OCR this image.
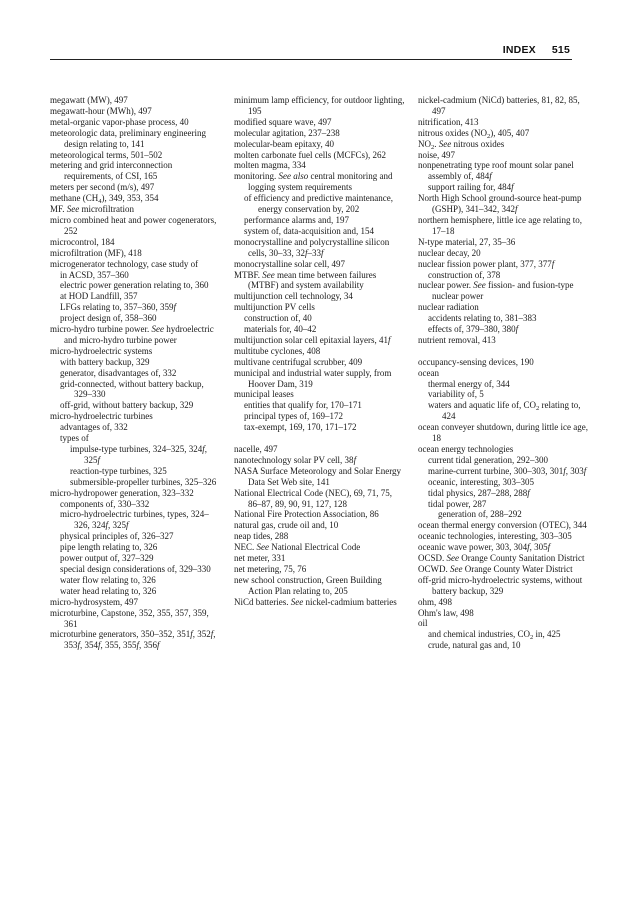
INDEX 515
megawatt (MW), 497
megawatt-hour (MWh), 497
metal-organic vapor-phase process, 40
meteorologic data, preliminary engineering design relating to, 141
meteorological terms, 501–502
metering and grid interconnection requirements, of CSI, 165
meters per second (m/s), 497
methane $(CH_4)$, 349, 353, 354
MF. See microfiltration
micro combined heat and power cogenerators, 252
microcontrol, 184
microfiltration (MF), 418
microgenerator technology, case study of
in ACSD, 357–360
electric power generation relating to, 360
at HOD Landfill, 357
LFGs relating to, 357–360, 359f
project design of, 358–360
micro-hydro turbine power. See hydroelectric and micro-hydro turbine power
micro-hydroelectric systems
with battery backup, 329
generator, disadvantages of, 332
grid-connected, without battery backup, 329–330
off-grid, without battery backup, 329
micro-hydroelectric turbines
advantages of, 332
types of
impulse-type turbines, 324–325, 324f, 325f
reaction-type turbines, 325
submersible-propeller turbines, 325–326
micro-hydropower generation, 323–332
components of, 330–332
micro-hydroelectric turbines, types, 324–326, 324f, 325f
physical principles of, 326–327
pipe length relating to, 326
power output of, 327–329
special design considerations of, 329–330
water flow relating to, 326
water head relating to, 326
micro-hydrosystem, 497
microturbine, Capstone, 352, 355, 357, 359, 361
microturbine generators, 350–352, 351f, 352f, 353f, 354f, 355, 355f, 356f
minimum lamp efficiency, for outdoor lighting, 195
modified square wave, 497
molecular agitation, 237–238
molecular-beam epitaxy, 40
molten carbonate fuel cells (MCFCs), 262
molten magma, 334
monitoring. See also central monitoring and logging system requirements
of efficiency and predictive maintenance, energy conservation by, 202
performance alarms and, 197
system of, data-acquisition and, 154
monocrystalline and polycrystalline silicon cells, 30–33, 32f–33f
monocrystalline solar cell, 497
MTBF. See mean time between failures (MTBF) and system availability
multijunction cell technology, 34
multijunction PV cells
construction of, 40
materials for, 40–42
multijunction solar cell epitaxial layers, 41f
multitube cyclones, 408
multivane centrifugal scrubber, 409
municipal and industrial water supply, from Hoover Dam, 319
municipal leases
entities that qualify for, 170–171
principal types of, 169–172
tax-exempt, 169, 170, 171–172
nacelle, 497
nanotechnology solar PV cell, 38f
NASA Surface Meteorology and Solar Energy Data Set Web site, 141
National Electrical Code (NEC), 69, 71, 75, 86–87, 89, 90, 91, 127, 128
National Fire Protection Association, 86
natural gas, crude oil and, 10
neap tides, 288
NEC. See National Electrical Code
net meter, 331
net metering, 75, 76
new school construction, Green Building Action Plan relating to, 205
NiCd batteries. See nickel-cadmium batteries
nickel-cadmium (NiCd) batteries, 81, 82, 85, 497
nitrification, 413
nitrous oxides $(NO_2)$, 405, 407
$NO_2$. See nitrous oxides
noise, 497
nonpenetrating type roof mount solar panel
assembly of, 484f
support railing for, 484f
North High School ground-source heat-pump (GSHP), 341–342, 342f
northern hemisphere, little ice age relating to, 17–18
N-type material, 27, 35–36
nuclear decay, 20
nuclear fission power plant, 377, 377f
construction of, 378
nuclear power. See fission- and fusion-type nuclear power
nuclear radiation
accidents relating to, 381–383
effects of, 379–380, 380f
nutrient removal, 413
occupancy-sensing devices, 190
ocean
thermal energy of, 344
variability of, 5
waters and aquatic life of, $CO_2$ relating to, 424
ocean conveyer shutdown, during little ice age, 18
ocean energy technologies
current tidal generation, 292–300
marine-current turbine, 300–303, 301f, 303f
oceanic, interesting, 303–305
tidal physics, 287–288, 288f
tidal power, 287
generation of, 288–292
ocean thermal energy conversion (OTEC), 344
oceanic technologies, interesting, 303–305
oceanic wave power, 303, 304f, 305f
OCSD. See Orange County Sanitation District
OCWD. See Orange County Water District
off-grid micro-hydroelectric systems, without battery backup, 329
ohm, 498
Ohm's law, 498
oil
and chemical industries, $CO_2$ in, 425
crude, natural gas and, 10
